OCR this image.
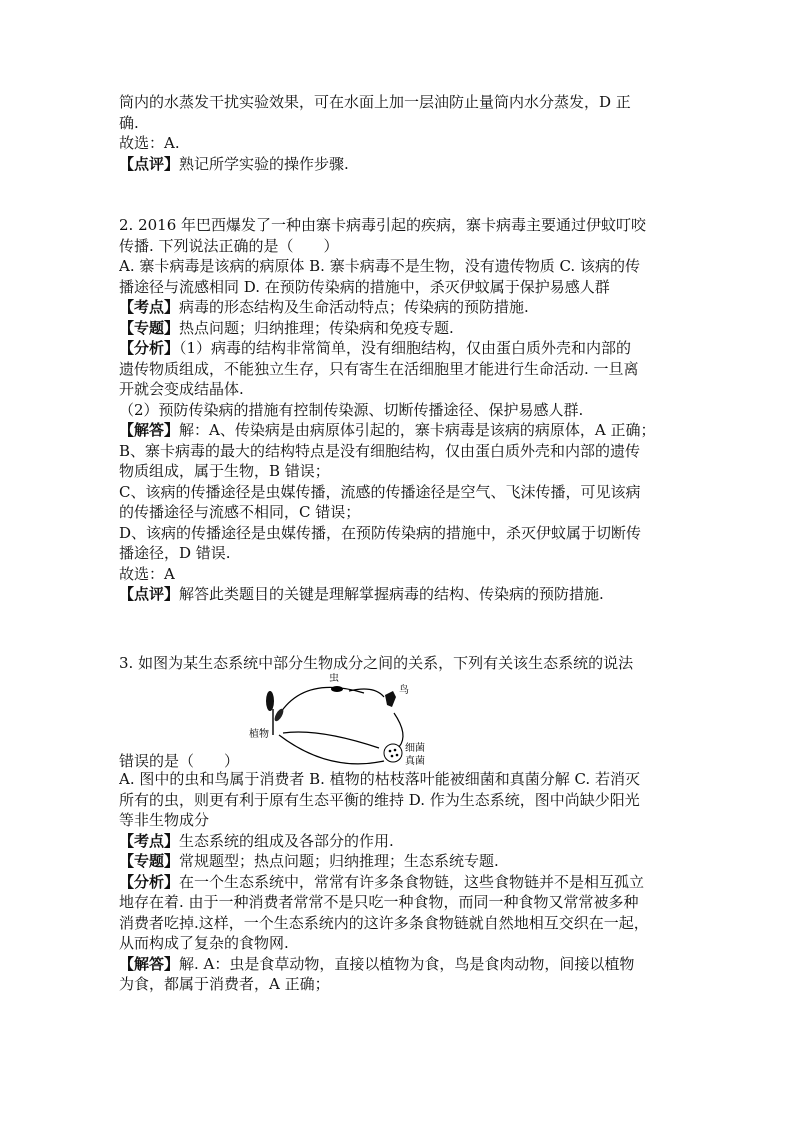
筒内的水蒸发干扰实验效果，可在水面上加一层油防止量筒内水分蒸发，D 正
确.
故选：A.
【点评】熟记所学实验的操作步骤.
2. 2016 年巴西爆发了一种由寨卡病毒引起的疾病，寨卡病毒主要通过伊蚊叮咬
传播. 下列说法正确的是（　　）
A. 寨卡病毒是该病的病原体 B. 寨卡病毒不是生物，没有遗传物质 C. 该病的传
播途径与流感相同 D. 在预防传染病的措施中，杀灭伊蚊属于保护易感人群
【考点】病毒的形态结构及生命活动特点；传染病的预防措施.
【专题】热点问题；归纳推理；传染病和免疫专题.
【分析】（1）病毒的结构非常简单，没有细胞结构，仅由蛋白质外壳和内部的
遗传物质组成，不能独立生存，只有寄生在活细胞里才能进行生命活动. 一旦离
开就会变成结晶体.
（2）预防传染病的措施有控制传染源、切断传播途径、保护易感人群.
【解答】解：A、传染病是由病原体引起的，寨卡病毒是该病的病原体，A 正确；
B、寨卡病毒的最大的结构特点是没有细胞结构，仅由蛋白质外壳和内部的遗传
物质组成，属于生物，B 错误；
C、该病的传播途径是虫媒传播，流感的传播途径是空气、飞沫传播，可见该病
的传播途径与流感不相同，C 错误；
D、该病的传播途径是虫媒传播，在预防传染病的措施中，杀灭伊蚊属于切断传
播途径，D 错误.
故选：A
【点评】解答此类题目的关键是理解掌握病毒的结构、传染病的预防措施.
3. 如图为某生态系统中部分生物成分之间的关系，下列有关该生态系统的说法
虫
鸟
植物
细菌
真菌
错误的是（　　）
A. 图中的虫和鸟属于消费者 B. 植物的枯枝落叶能被细菌和真菌分解 C. 若消灭
所有的虫，则更有利于原有生态平衡的维持 D. 作为生态系统，图中尚缺少阳光
等非生物成分
【考点】生态系统的组成及各部分的作用.
【专题】常规题型；热点问题；归纳推理；生态系统专题.
【分析】在一个生态系统中，常常有许多条食物链，这些食物链并不是相互孤立
地存在着. 由于一种消费者常常不是只吃一种食物，而同一种食物又常常被多种
消费者吃掉.这样，一个生态系统内的这许多条食物链就自然地相互交织在一起，
从而构成了复杂的食物网.
【解答】解. A：虫是食草动物，直接以植物为食，鸟是食肉动物，间接以植物
为食，都属于消费者，A 正确；
